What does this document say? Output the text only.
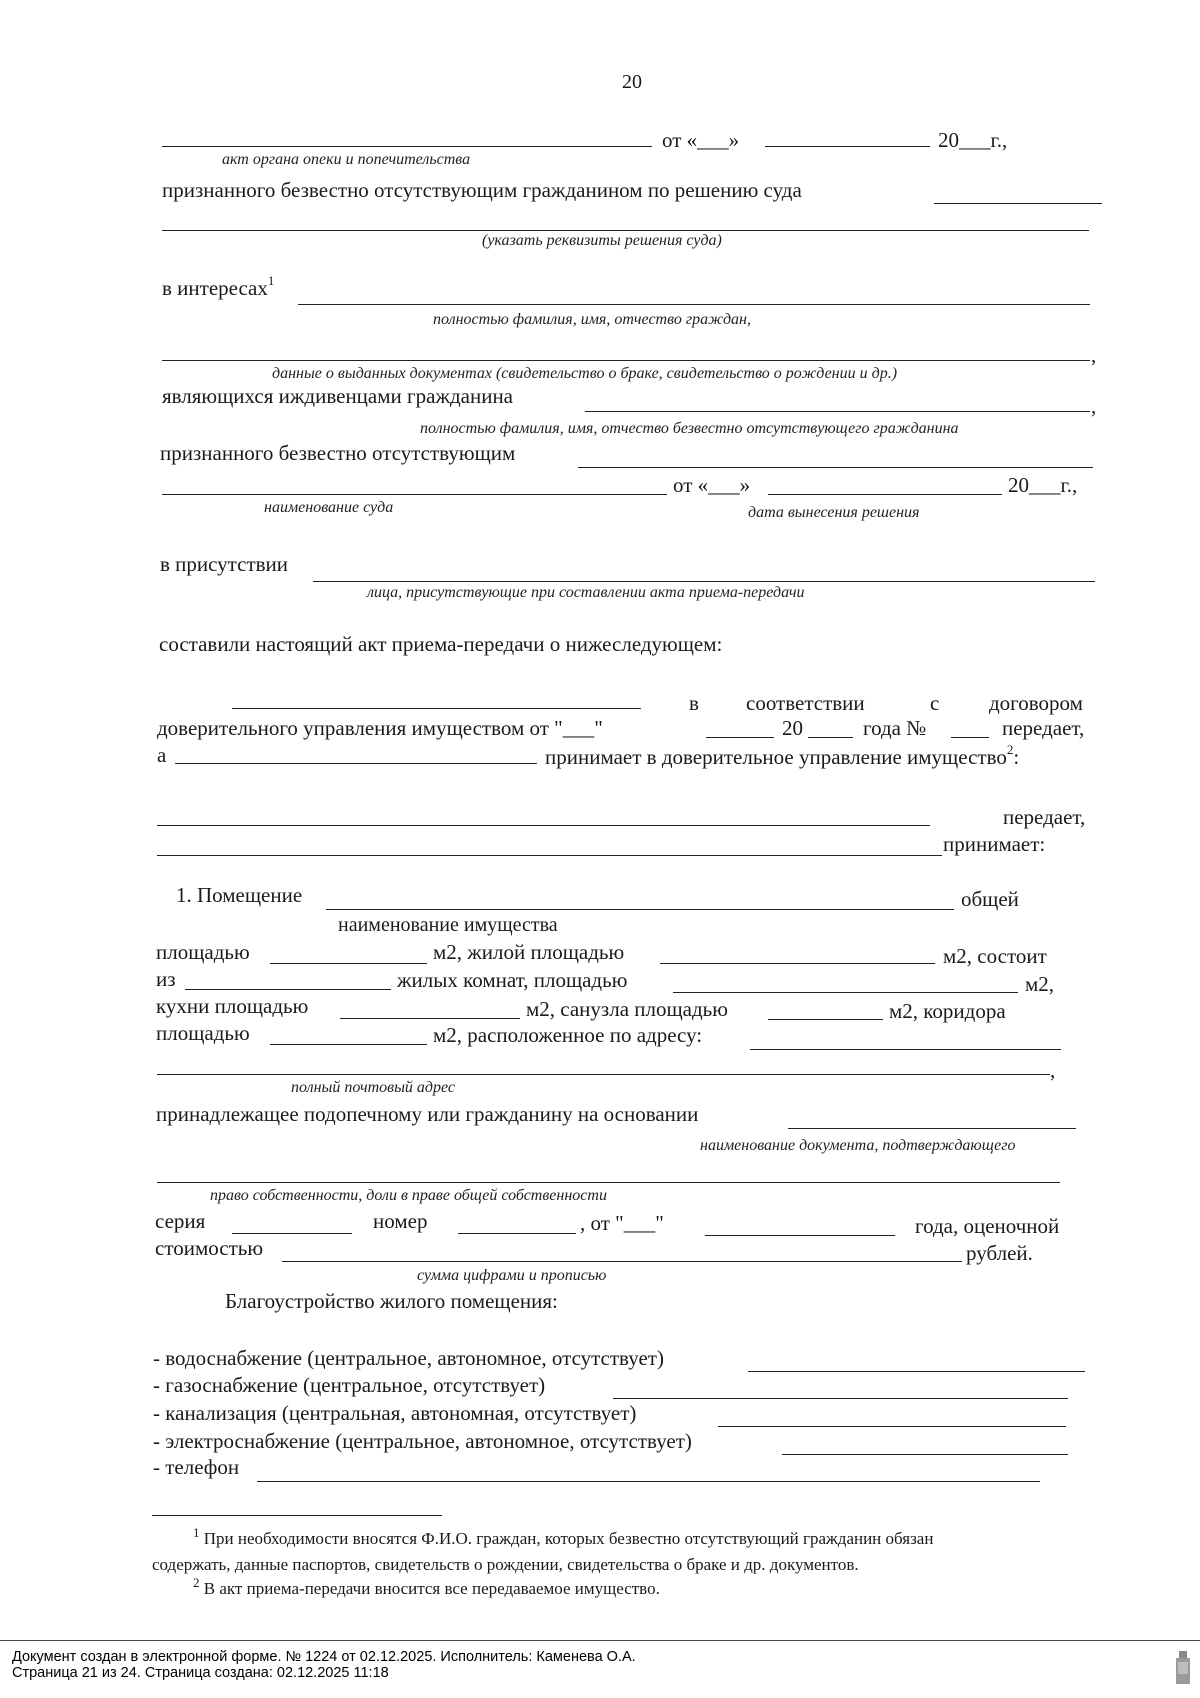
20
от «___»	20___г.,
акт органа опеки и попечительства
признанного безвестно отсутствующим гражданином по решению суда
(указать реквизиты решения суда)
в интересах$^1$
полностью фамилия, имя, отчество граждан,
,
данные о выданных документах (свидетельство о браке, свидетельство о рождении и др.)
являющихся иждивенцами гражданина	,
полностью фамилия, имя, отчество безвестно отсутствующего гражданина
признанного безвестно отсутствующим
от «___»	20___г.,
наименование суда	дата вынесения решения
в присутствии
лица, присутствующие при составлении акта приема-передачи
составили настоящий акт приема-передачи о нижеследующем:
в соответствии	с договором
доверительного управления имуществом от "___"	20	года №	передает,
а	принимает в доверительное управление имущество$^2$:
передает,
принимает:
1. Помещение	общей
наименование имущества
площадью	м2, жилой площадью	м2, состоит
из	жилых комнат, площадью	м2,
кухни площадью	м2, санузла площадью	м2, коридора
площадью	м2, расположенное по адресу:
,
полный почтовый адрес
принадлежащее подопечному или гражданину на основании
наименование документа, подтверждающего
право собственности, доли в праве общей собственности
серия	номер	, от "___"	года, оценочной
стоимостью	рублей.
сумма цифрами и прописью
Благоустройство жилого помещения:
- водоснабжение (центральное, автономное, отсутствует)
- газоснабжение (центральное, отсутствует)
- канализация (центральная, автономная, отсутствует)
- электроснабжение (центральное, автономное, отсутствует)
- телефон
$^1$ При необходимости вносятся Ф.И.О. граждан, которых безвестно отсутствующий гражданин обязан
содержать, данные паспортов, свидетельств о рождении, свидетельства о браке и др. документов.
$^2$ В акт приема-передачи вносится все передаваемое имущество.
Документ создан в электронной форме. № 1224 от 02.12.2025. Исполнитель: Каменева О.А.
Страница 21 из 24. Страница создана: 02.12.2025 11:18
